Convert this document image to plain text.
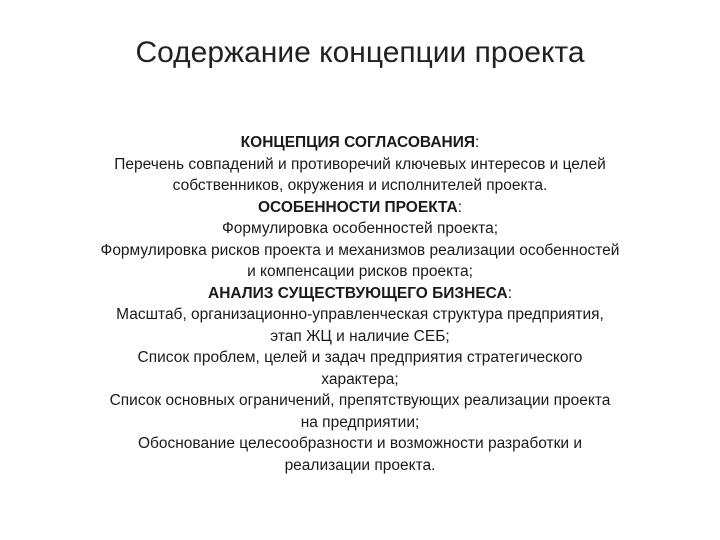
Содержание концепции проекта
КОНЦЕПЦИЯ СОГЛАСОВАНИЯ:
Перечень совпадений и противоречий ключевых интересов и целей
собственников, окружения и исполнителей проекта.
ОСОБЕННОСТИ ПРОЕКТА:
Формулировка особенностей проекта;
Формулировка рисков проекта и механизмов реализации особенностей
и компенсации рисков проекта;
АНАЛИЗ СУЩЕСТВУЮЩЕГО БИЗНЕСА:
Масштаб, организационно-управленческая структура предприятия,
этап ЖЦ и наличие СЕБ;
Список проблем, целей и задач предприятия стратегического
характера;
Список основных ограничений, препятствующих реализации проекта
на предприятии;
Обоснование целесообразности и возможности разработки и
реализации проекта.
